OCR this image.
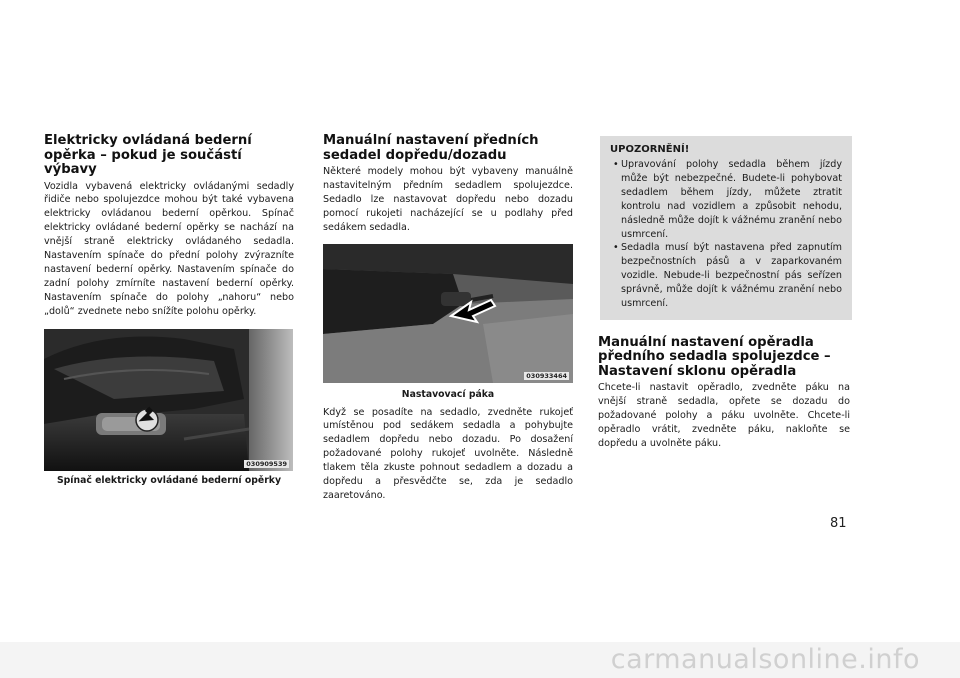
Elektricky ovládaná bederní opěrka – pokud je součástí výbavy

Vozidla vybavená elektricky ovládanými sedadly řidiče nebo spolujezdce mohou být také vybavena elektricky ovládanou bederní opěrkou. Spínač elektricky ovládané bederní opěrky se nachází na vnější straně elektricky ovládaného sedadla. Nastavením spínače do přední polohy zvýrazníte nastavení bederní opěrky. Nastavením spínače do zadní polohy zmírníte nastavení bederní opěrky. Nastavením spínače do polohy „nahoru“ nebo „dolů“ zvednete nebo snížíte polohu opěrky.

030909539
Spínač elektricky ovládané bederní opěrky
Manuální nastavení předních sedadel dopředu/dozadu

Některé modely mohou být vybaveny manuálně nastavitelným předním sedadlem spolujezdce. Sedadlo lze nastavovat dopředu nebo dozadu pomocí rukojeti nacházející se u podlahy před sedákem sedadla.

030933464
Nastavovací páka

Když se posadíte na sedadlo, zvedněte rukojeť umístěnou pod sedákem sedadla a pohybujte sedadlem dopředu nebo dozadu. Po dosažení požadované polohy rukojeť uvolněte. Následně tlakem těla zkuste pohnout sedadlem a dozadu a dopředu a přesvědčte se, zda je sedadlo zaaretováno.

UPOZORNĚNÍ!
• Upravování polohy sedadla během jízdy může být nebezpečné. Budete-li pohybovat sedadlem během jízdy, můžete ztratit kontrolu nad vozidlem a způsobit nehodu, následně může dojít k vážnému zranění nebo usmrcení.
• Sedadla musí být nastavena před zapnutím bezpečnostních pásů a v zaparkovaném vozidle. Nebude-li bezpečnostní pás seřízen správně, může dojít k vážnému zranění nebo usmrcení.
Manuální nastavení opěradla předního sedadla spolujezdce – Nastavení sklonu opěradla

Chcete-li nastavit opěradlo, zvedněte páku na vnější straně sedadla, opřete se dozadu do požadované polohy a páku uvolněte. Chcete-li opěradlo vrátit, zvedněte páku, nakloňte se dopředu a uvolněte páku.

81
carmanualsonline.info
